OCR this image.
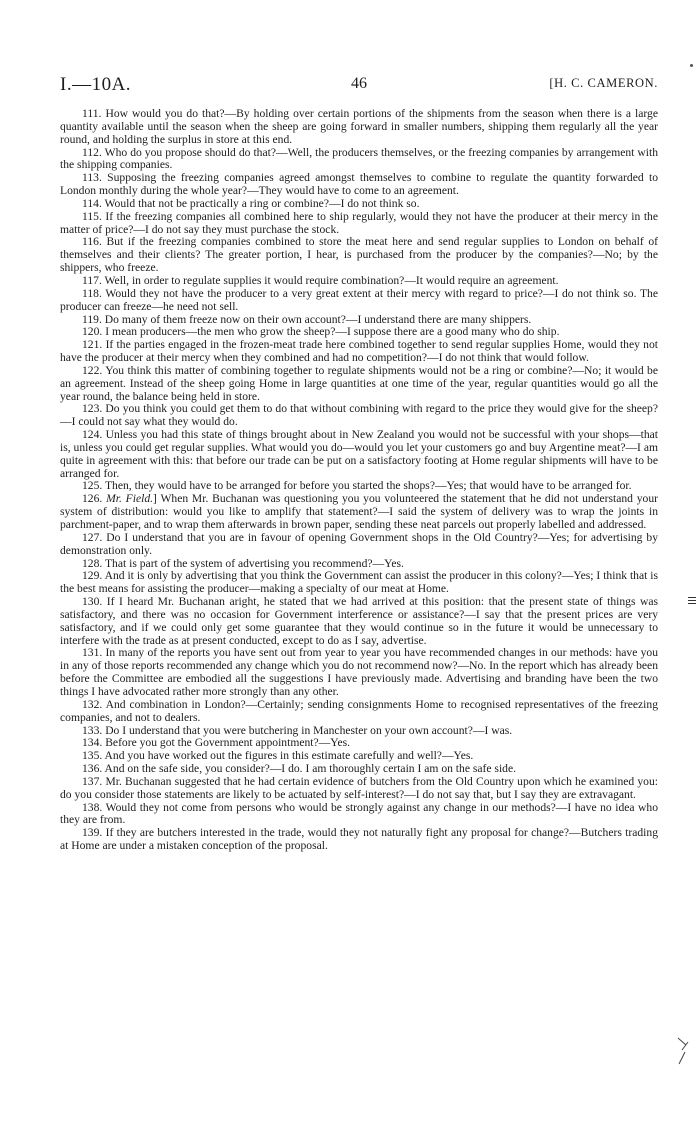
I.—10A.	46	[H. C. CAMERON.

111. How would you do that?—By holding over certain portions of the shipments from the season when there is a large quantity available until the season when the sheep are going forward in smaller numbers, shipping them regularly all the year round, and holding the surplus in store at this end.

112. Who do you propose should do that?—Well, the producers themselves, or the freezing companies by arrangement with the shipping companies.

113. Supposing the freezing companies agreed amongst themselves to combine to regulate the quantity forwarded to London monthly during the whole year?—They would have to come to an agreement.

114. Would that not be practically a ring or combine?—I do not think so.

115. If the freezing companies all combined here to ship regularly, would they not have the producer at their mercy in the matter of price?—I do not say they must purchase the stock.

116. But if the freezing companies combined to store the meat here and send regular supplies to London on behalf of themselves and their clients? The greater portion, I hear, is purchased from the producer by the companies?—No; by the shippers, who freeze.

117. Well, in order to regulate supplies it would require combination?—It would require an agreement.

118. Would they not have the producer to a very great extent at their mercy with regard to price?—I do not think so. The producer can freeze—he need not sell.

119. Do many of them freeze now on their own account?—I understand there are many shippers.

120. I mean producers—the men who grow the sheep?—I suppose there are a good many who do ship.

121. If the parties engaged in the frozen-meat trade here combined together to send regular supplies Home, would they not have the producer at their mercy when they combined and had no competition?—I do not think that would follow.

122. You think this matter of combining together to regulate shipments would not be a ring or combine?—No; it would be an agreement. Instead of the sheep going Home in large quantities at one time of the year, regular quantities would go all the year round, the balance being held in store.

123. Do you think you could get them to do that without combining with regard to the price they would give for the sheep?—I could not say what they would do.

124. Unless you had this state of things brought about in New Zealand you would not be successful with your shops—that is, unless you could get regular supplies. What would you do—would you let your customers go and buy Argentine meat?—I am quite in agreement with this: that before our trade can be put on a satisfactory footing at Home regular shipments will have to be arranged for.

125. Then, they would have to be arranged for before you started the shops?—Yes; that would have to be arranged for.

126. Mr. Field.] When Mr. Buchanan was questioning you you volunteered the statement that he did not understand your system of distribution: would you like to amplify that statement?—I said the system of delivery was to wrap the joints in parchment-paper, and to wrap them afterwards in brown paper, sending these neat parcels out properly labelled and addressed.

127. Do I understand that you are in favour of opening Government shops in the Old Country?—Yes; for advertising by demonstration only.

128. That is part of the system of advertising you recommend?—Yes.

129. And it is only by advertising that you think the Government can assist the producer in this colony?—Yes; I think that is the best means for assisting the producer—making a specialty of our meat at Home.

130. If I heard Mr. Buchanan aright, he stated that we had arrived at this position: that the present state of things was satisfactory, and there was no occasion for Government interference or assistance?—I say that the present prices are very satisfactory, and if we could only get some guarantee that they would continue so in the future it would be unnecessary to interfere with the trade as at present conducted, except to do as I say, advertise.

131. In many of the reports you have sent out from year to year you have recommended changes in our methods: have you in any of those reports recommended any change which you do not recommend now?—No. In the report which has already been before the Committee are embodied all the suggestions I have previously made. Advertising and branding have been the two things I have advocated rather more strongly than any other.

132. And combination in London?—Certainly; sending consignments Home to recognised representatives of the freezing companies, and not to dealers.

133. Do I understand that you were butchering in Manchester on your own account?—I was.

134. Before you got the Government appointment?—Yes.

135. And you have worked out the figures in this estimate carefully and well?—Yes.

136. And on the safe side, you consider?—I do. I am thoroughly certain I am on the safe side.

137. Mr. Buchanan suggested that he had certain evidence of butchers from the Old Country upon which he examined you: do you consider those statements are likely to be actuated by self-interest?—I do not say that, but I say they are extravagant.

138. Would they not come from persons who would be strongly against any change in our methods?—I have no idea who they are from.

139. If they are butchers interested in the trade, would they not naturally fight any proposal for change?—Butchers trading at Home are under a mistaken conception of the proposal.
